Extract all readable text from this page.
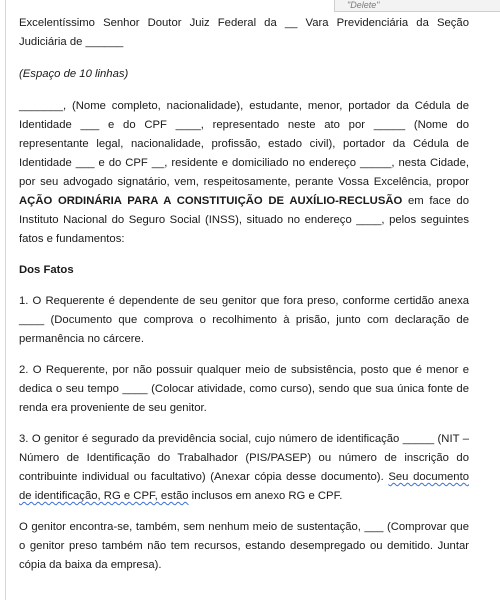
"Delete"

Excelentíssimo Senhor Doutor Juiz Federal da __ Vara Previdenciária da Seção Judiciária de ______

(Espaço de 10 linhas)

_______, (Nome completo, nacionalidade), estudante, menor, portador da Cédula de Identidade ___ e do CPF ____, representado neste ato por _____ (Nome do representante legal, nacionalidade, profissão, estado civil), portador da Cédula de Identidade ___ e do CPF __, residente e domiciliado no endereço _____, nesta Cidade, por seu advogado signatário, vem, respeitosamente, perante Vossa Excelência, propor AÇÃO ORDINÁRIA PARA A CONSTITUIÇÃO DE AUXÍLIO-RECLUSÃO em face do Instituto Nacional do Seguro Social (INSS), situado no endereço ____, pelos seguintes fatos e fundamentos:

Dos Fatos

1. O Requerente é dependente de seu genitor que fora preso, conforme certidão anexa ____ (Documento que comprova o recolhimento à prisão, junto com declaração de permanência no cárcere.

2. O Requerente, por não possuir qualquer meio de subsistência, posto que é menor e dedica o seu tempo ____ (Colocar atividade, como curso), sendo que sua única fonte de renda era proveniente de seu genitor.

3. O genitor é segurado da previdência social, cujo número de identificação _____ (NIT – Número de Identificação do Trabalhador (PIS/PASEP) ou número de inscrição do contribuinte individual ou facultativo) (Anexar cópia desse documento). Seu documento de identificação, RG e CPF, estão inclusos em anexo RG e CPF.

O genitor encontra-se, também, sem nenhum meio de sustentação, ___ (Comprovar que o genitor preso também não tem recursos, estando desempregado ou demitido. Juntar cópia da baixa da empresa).
